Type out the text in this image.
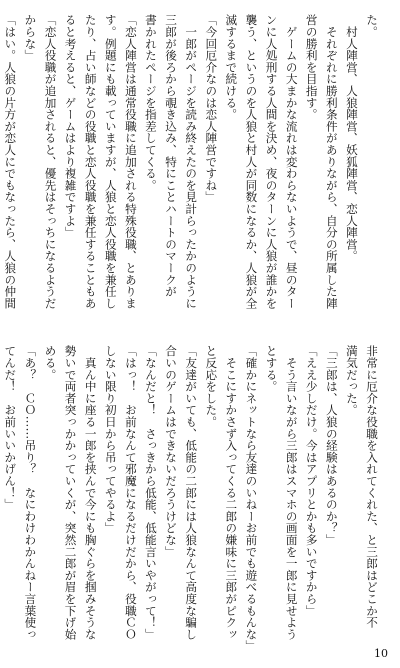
た。
　村人陣営、人狼陣営、妖狐陣営、恋人陣営。
　それぞれに勝利条件がありながら、自分の所属した陣
営の勝利を目指す。
　ゲームの大まかな流れは変わらないようで、昼のター
ンに人処刑する人間を決め、夜のターンに人狼が誰かを
襲う、というのを人狼と村人が同数になるか、人狼が全
滅するまで続ける。
「今回厄介なのは恋人陣営ですね」
　一郎がページを読み終えたのを見計らったかのように
三郎が後ろから覗き込み、特にことハートのマークが
書かれたページを指差してくる。
「恋人陣営は通常役職に追加される特殊役職、とありま
す。例題にも載っていますが、人狼と恋人役職を兼任し
たり、占い師などの役職と恋人役職を兼任することもあ
ると考えると、ゲームはより複雑ですよ」
「恋人役職が追加されると、優先はそっちになるようだ
からな」
「はい。人狼の片方が恋人にでもなったら、人狼の仲間
非常に厄介な役職を入れてくれた、と三郎はどこか不
満気だった。
「三郎は、人狼の経験はあるのか？」
「ええ少しだけ。今はアプリとかも多いですから」
　そう言いながら三郎はスマホの画面を一郎に見せよう
とする。
「確かにネットなら友達のいねーお前でも遊べるもんな」
　そこにすかさず入ってくる二郎の嫌味に三郎がピクッ
と反応をした。
「友達がいても、低能の二郎には人狼なんて高度な騙し
合いのゲームはできないだろうけどな」
「なんだと！　さっきから低能、低能言いやがって！」
「はっ！　お前なんて邪魔になるだけだから、役職ＣＯ
しない限り初日から吊ってやるよ」
　真ん中に座る一郎を挟んで今にも胸ぐらを掴みそうな
勢いで両者突っかかっていくが、突然二郎が眉を下げ始
める。
「あ？　ＣＯ……吊り？　なにわけわかんねー言葉使っ
てんだ！　お前いいかげん！」
10
